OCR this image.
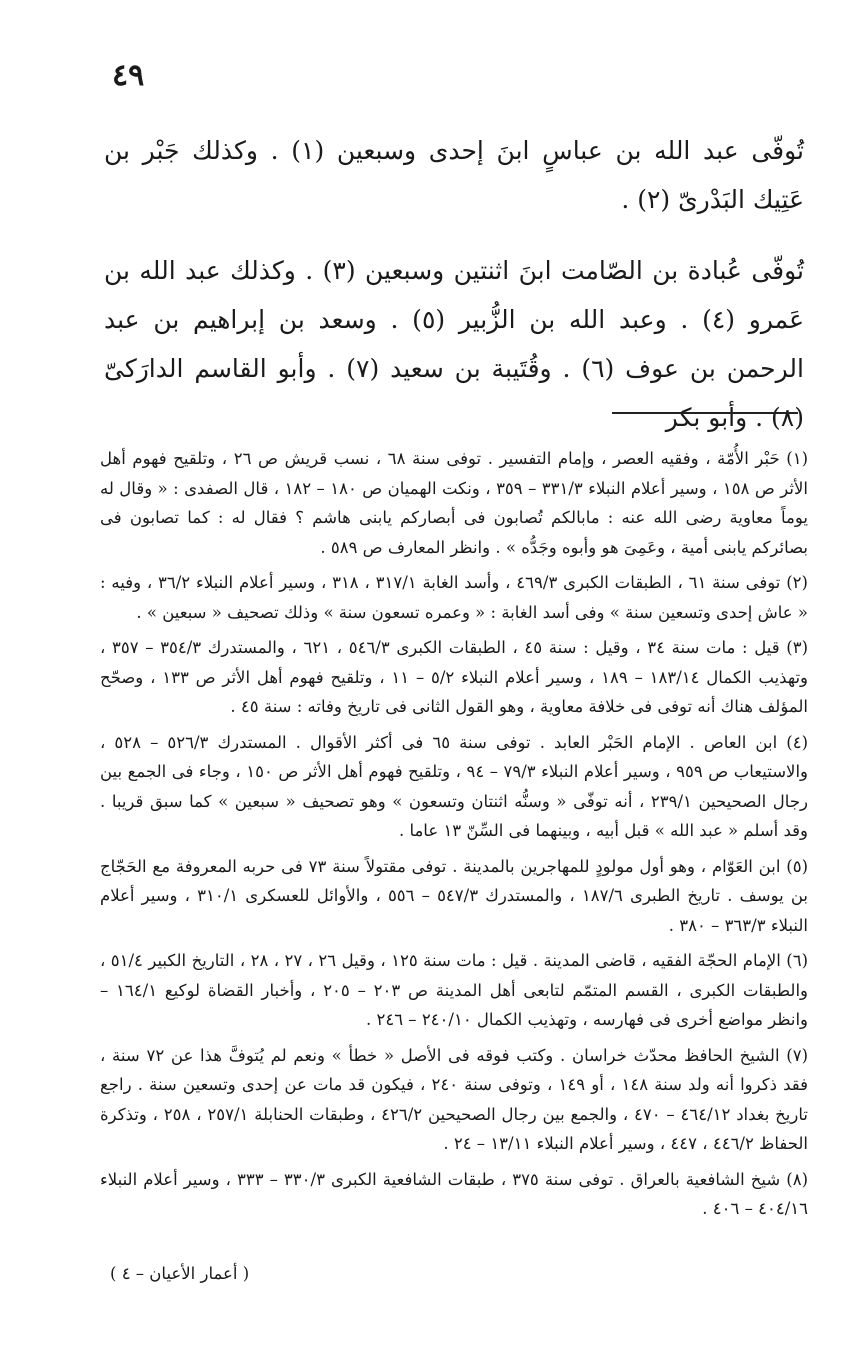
٤٩

تُوفّى عبد الله بن عباسٍ ابنَ إحدى وسبعين (١) . وكذلك جَبْر بن عَتِيك البَدْرىّ (٢) .

تُوفّى عُبادة بن الصّامت ابنَ اثنتين وسبعين (٣) . وكذلك عبد الله بن عَمرو (٤) . وعبد الله بن الزُّبير (٥) . وسعد بن إبراهيم بن عبد الرحمن بن عوف (٦) . وقُتَيبة بن سعيد (٧) . وأبو القاسم الدارَكىّ (٨) . وأبو بكر

(١) حَبْر الأُمّة ، وفقيه العصر ، وإمام التفسير . توفى سنة ٦٨ ، نسب قريش ص ٢٦ ، وتلقيح فهوم أهل الأثر ص ١٥٨ ، وسير أعلام النبلاء ٣٣١/٣ – ٣٥٩ ، ونكت الهميان ص ١٨٠ – ١٨٢ ، قال الصفدى : « وقال له يوماً معاوية رضى الله عنه : مابالكم تُصابون فى أبصاركم يابنى هاشم ؟ فقال له : كما تصابون فى بصائركم يابنى أمية ، وعَمِىَ هو وأبوه وجَدُّه » . وانظر المعارف ص ٥٨٩ .

(٢) توفى سنة ٦١ ، الطبقات الكبرى ٤٦٩/٣ ، وأسد الغابة ٣١٧/١ ، ٣١٨ ، وسير أعلام النبلاء ٣٦/٢ ، وفيه : « عاش إحدى وتسعين سنة » وفى أسد الغابة : « وعمره تسعون سنة » وذلك تصحيف « سبعين » .

(٣) قيل : مات سنة ٣٤ ، وقيل : سنة ٤٥ ، الطبقات الكبرى ٥٤٦/٣ ، ٦٢١ ، والمستدرك ٣٥٤/٣ – ٣٥٧ ، وتهذيب الكمال ١٨٣/١٤ – ١٨٩ ، وسير أعلام النبلاء ٥/٢ – ١١ ، وتلقيح فهوم أهل الأثر ص ١٣٣ ، وصحّح المؤلف هناك أنه توفى فى خلافة معاوية ، وهو القول الثانى فى تاريخ وفاته : سنة ٤٥ .

(٤) ابن العاص . الإمام الحَبْر العابد . توفى سنة ٦٥ فى أكثر الأقوال . المستدرك ٥٢٦/٣ – ٥٢٨ ، والاستيعاب ص ٩٥٩ ، وسير أعلام النبلاء ٧٩/٣ – ٩٤ ، وتلقيح فهوم أهل الأثر ص ١٥٠ ، وجاء فى الجمع بين رجال الصحيحين ٢٣٩/١ ، أنه توفّى « وسنُّه اثنتان وتسعون » وهو تصحيف « سبعين » كما سبق قريبا . وقد أسلم « عبد الله » قبل أبيه ، وبينهما فى السِّنّ ١٣ عاما .

(٥) ابن العَوّام ، وهو أول مولودٍ للمهاجرين بالمدينة . توفى مقتولاً سنة ٧٣ فى حربه المعروفة مع الحَجّاج بن يوسف . تاريخ الطبرى ١٨٧/٦ ، والمستدرك ٥٤٧/٣ – ٥٥٦ ، والأوائل للعسكرى ٣١٠/١ ، وسير أعلام النبلاء ٣٦٣/٣ – ٣٨٠ .

(٦) الإمام الحجّة الفقيه ، قاضى المدينة . قيل : مات سنة ١٢٥ ، وقيل ٢٦ ، ٢٧ ، ٢٨ ، التاريخ الكبير ٥١/٤ ، والطبقات الكبرى ، القسم المتمّم لتابعى أهل المدينة ص ٢٠٣ – ٢٠٥ ، وأخبار القضاة لوكيع ١٦٤/١ – وانظر مواضع أخرى فى فهارسه ، وتهذيب الكمال ٢٤٠/١٠ – ٢٤٦ .

(٧) الشيخ الحافظ محدّث خراسان . وكتب فوقه فى الأصل « خطأ » ونعم لم يُتوفَّ هذا عن ٧٢ سنة ، فقد ذكروا أنه ولد سنة ١٤٨ ، أو ١٤٩ ، وتوفى سنة ٢٤٠ ، فيكون قد مات عن إحدى وتسعين سنة . راجع تاريخ بغداد ٤٦٤/١٢ – ٤٧٠ ، والجمع بين رجال الصحيحين ٤٢٦/٢ ، وطبقات الحنابلة ٢٥٧/١ ، ٢٥٨ ، وتذكرة الحفاظ ٤٤٦/٢ ، ٤٤٧ ، وسير أعلام النبلاء ١٣/١١ – ٢٤ .

(٨) شيخ الشافعية بالعراق . توفى سنة ٣٧٥ ، طبقات الشافعية الكبرى ٣٣٠/٣ – ٣٣٣ ، وسير أعلام النبلاء ٤٠٤/١٦ – ٤٠٦ .

( أعمار الأعيان – ٤ )
